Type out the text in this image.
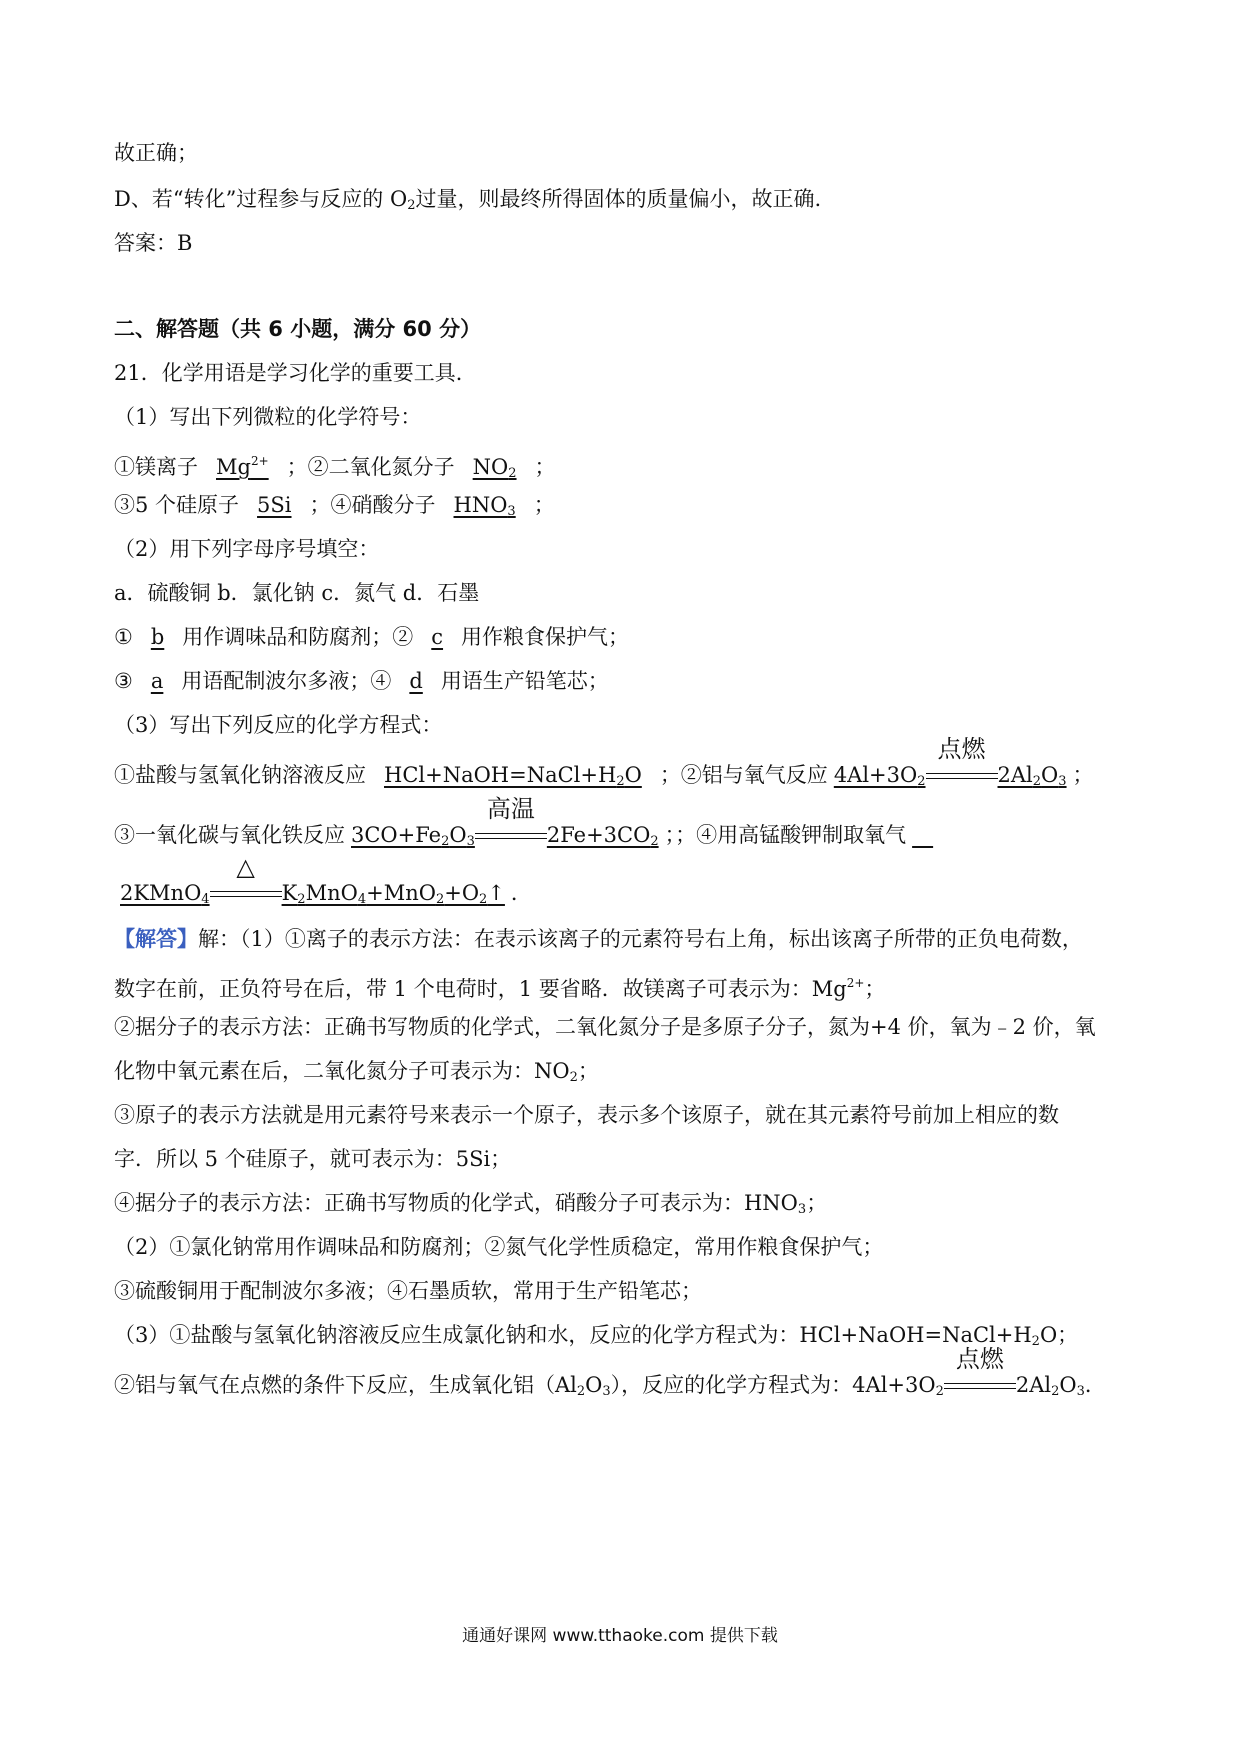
故正确；
D、若“转化”过程参与反应的 $O_2$过量，则最终所得固体的质量偏小，故正确.
答案：B
二、解答题（共 6 小题，满分 60 分）
21．化学用语是学习化学的重要工具．
（1）写出下列微粒的化学符号：
①镁离子 $Mg^{2+}$ ；②二氧化氮分子 $NO_2$ ；
③5 个硅原子 5Si ；④硝酸分子 $HNO_3$ ；
（2）用下列字母序号填空：
a．硫酸铜 b．氯化钠 c．氮气 d．石墨
① b 用作调味品和防腐剂；② c 用作粮食保护气；
③ a 用语配制波尔多液；④ d 用语生产铅笔芯；
（3）写出下列反应的化学方程式：
①盐酸与氢氧化钠溶液反应 $HCl+NaOH=NaCl+H_2O$ ；②铝与氧气反应 $4Al+3O_2$
点燃
$2Al_2O_3$ ；
③一氧化碳与氧化铁反应 $3CO+Fe_2O_3$
高温
$2Fe+3CO_2$ ；；④用高锰酸钾制取氧气 
2KMnO$_4$
△
$K_2MnO_4+MnO_2+O_2↑$ ．
【解答】解：（1）①离子的表示方法：在表示该离子的元素符号右上角，标出该离子所带的正负电荷数，
数字在前，正负符号在后，带 1 个电荷时，1 要省略．故镁离子可表示为：$Mg^{2+}$；
②据分子的表示方法：正确书写物质的化学式，二氧化氮分子是多原子分子，氮为+4 价，氧为﹣2 价，氧
化物中氧元素在后，二氧化氮分子可表示为：$NO_2$；
③原子的表示方法就是用元素符号来表示一个原子，表示多个该原子，就在其元素符号前加上相应的数
字．所以 5 个硅原子，就可表示为：5Si；
④据分子的表示方法：正确书写物质的化学式，硝酸分子可表示为：$HNO_3$；
（2）①氯化钠常用作调味品和防腐剂；②氮气化学性质稳定，常用作粮食保护气；
③硫酸铜用于配制波尔多液；④石墨质软，常用于生产铅笔芯；
（3）①盐酸与氢氧化钠溶液反应生成氯化钠和水，反应的化学方程式为：$HCl+NaOH=NaCl+H_2O$；
②铝与氧气在点燃的条件下反应，生成氧化铝$(Al_2O_3)$，反应的化学方程式为：$4Al+3O_2$
点燃
$2Al_2O_3$．
通通好课网 www.tthaoke.com 提供下载
